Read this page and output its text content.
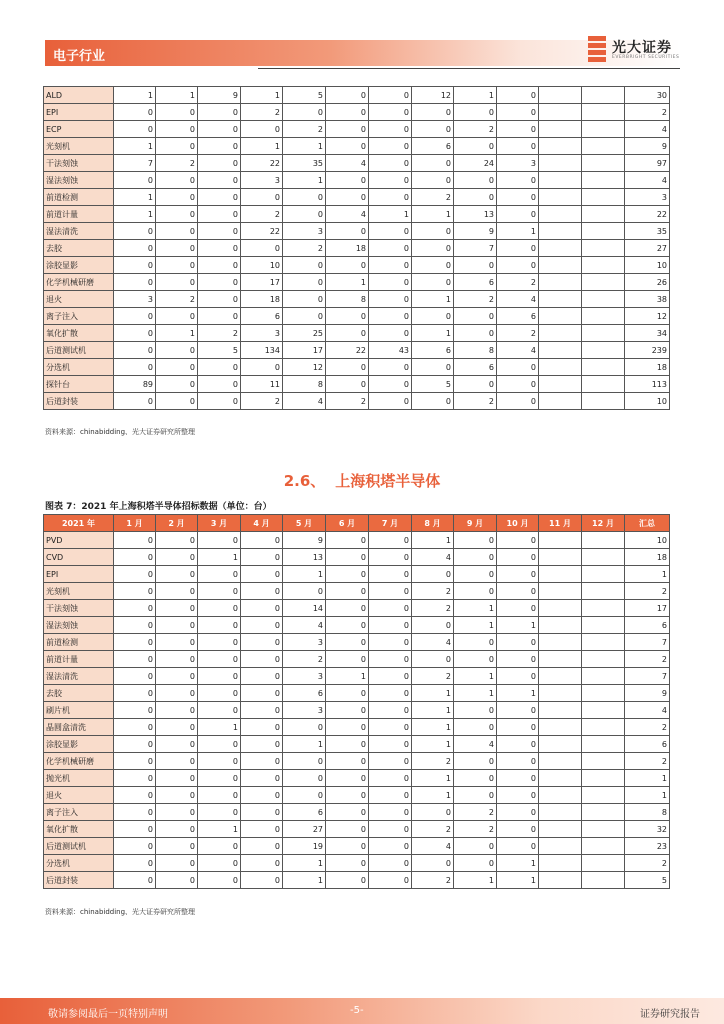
电子行业
光大证券
EVERBRIGHT SECURITIES
ALD	1	1	9	1	5	0	0	12	1	0			30
EPI	0	0	0	2	0	0	0	0	0	0			2
ECP	0	0	0	0	2	0	0	0	2	0			4
光刻机	1	0	0	1	1	0	0	6	0	0			9
干法刻蚀	7	2	0	22	35	4	0	0	24	3			97
湿法刻蚀	0	0	0	3	1	0	0	0	0	0			4
前道检测	1	0	0	0	0	0	0	2	0	0			3
前道计量	1	0	0	2	0	4	1	1	13	0			22
湿法清洗	0	0	0	22	3	0	0	0	9	1			35
去胶	0	0	0	0	2	18	0	0	7	0			27
涂胶显影	0	0	0	10	0	0	0	0	0	0			10
化学机械研磨	0	0	0	17	0	1	0	0	6	2			26
退火	3	2	0	18	0	8	0	1	2	4			38
离子注入	0	0	0	6	0	0	0	0	0	6			12
氧化扩散	0	1	2	3	25	0	0	1	0	2			34
后道测试机	0	0	5	134	17	22	43	6	8	4			239
分选机	0	0	0	0	12	0	0	0	6	0			18
探针台	89	0	0	11	8	0	0	5	0	0			113
后道封装	0	0	0	2	4	2	0	0	2	0			10
资料来源：chinabidding、光大证券研究所整理
2.6、 上海积塔半导体
图表 7：2021 年上海积塔半导体招标数据（单位：台）
2021 年	1 月	2 月	3 月	4 月	5 月	6 月	7 月	8 月	9 月	10 月	11 月	12 月	汇总
PVD	0	0	0	0	9	0	0	1	0	0			10
CVD	0	0	1	0	13	0	0	4	0	0			18
EPI	0	0	0	0	1	0	0	0	0	0			1
光刻机	0	0	0	0	0	0	0	2	0	0			2
干法刻蚀	0	0	0	0	14	0	0	2	1	0			17
湿法刻蚀	0	0	0	0	4	0	0	0	1	1			6
前道检测	0	0	0	0	3	0	0	4	0	0			7
前道计量	0	0	0	0	2	0	0	0	0	0			2
湿法清洗	0	0	0	0	3	1	0	2	1	0			7
去胶	0	0	0	0	6	0	0	1	1	1			9
刷片机	0	0	0	0	3	0	0	1	0	0			4
晶圆盒清洗	0	0	1	0	0	0	0	1	0	0			2
涂胶显影	0	0	0	0	1	0	0	1	4	0			6
化学机械研磨	0	0	0	0	0	0	0	2	0	0			2
抛光机	0	0	0	0	0	0	0	1	0	0			1
退火	0	0	0	0	0	0	0	1	0	0			1
离子注入	0	0	0	0	6	0	0	0	2	0			8
氧化扩散	0	0	1	0	27	0	0	2	2	0			32
后道测试机	0	0	0	0	19	0	0	4	0	0			23
分选机	0	0	0	0	1	0	0	0	0	1			2
后道封装	0	0	0	0	1	0	0	2	1	1			5
资料来源：chinabidding、光大证券研究所整理
敬请参阅最后一页特别声明	-5-	证券研究报告
